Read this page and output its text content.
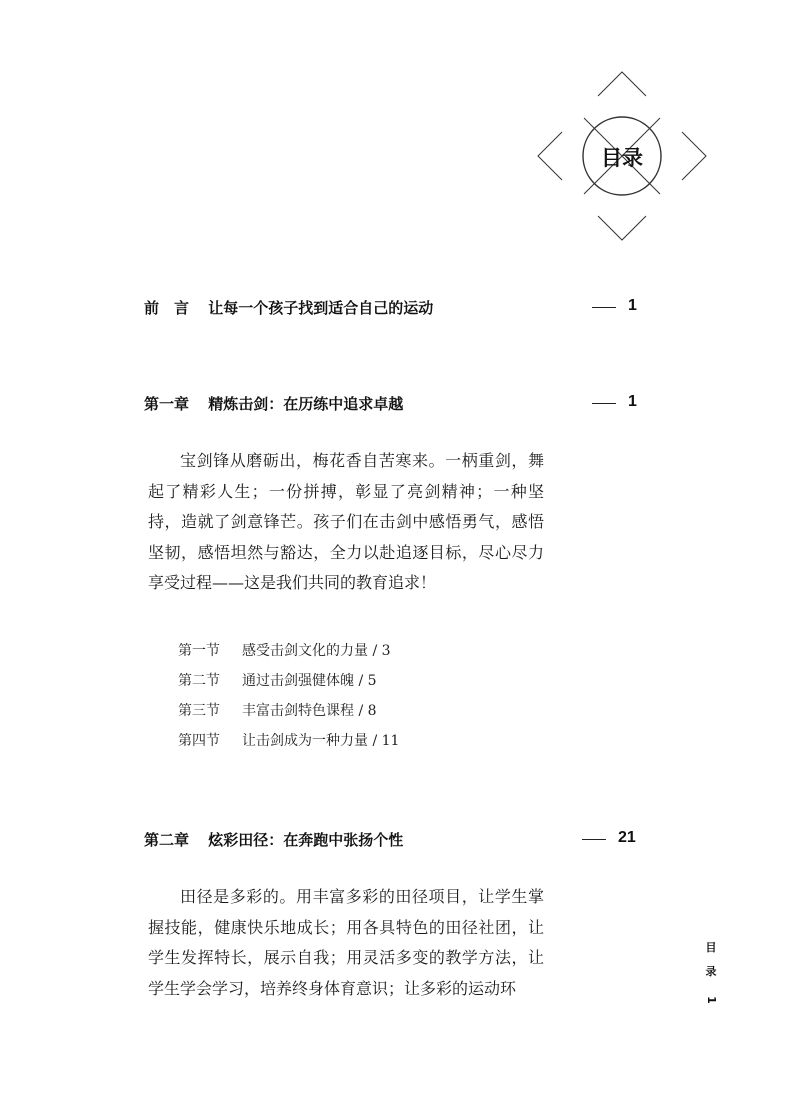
目录
前　言 让每一个孩子找到适合自己的运动	1
第一章 精炼击剑：在历练中追求卓越	1

宝剑锋从磨砺出，梅花香自苦寒来。一柄重剑，舞起了精彩人生；一份拼搏，彰显了亮剑精神；一种坚持，造就了剑意锋芒。孩子们在击剑中感悟勇气，感悟坚韧，感悟坦然与豁达，全力以赴追逐目标，尽心尽力享受过程——这是我们共同的教育追求！

第一节 感受击剑文化的力量 / 3
第二节 通过击剑强健体魄 / 5
第三节 丰富击剑特色课程 / 8
第四节 让击剑成为一种力量 / 11
第二章 炫彩田径：在奔跑中张扬个性	21

田径是多彩的。用丰富多彩的田径项目，让学生掌握技能，健康快乐地成长；用各具特色的田径社团，让学生发挥特长，展示自我；用灵活多变的教学方法，让学生学会学习，培养终身体育意识；让多彩的运动环

目
录
1
